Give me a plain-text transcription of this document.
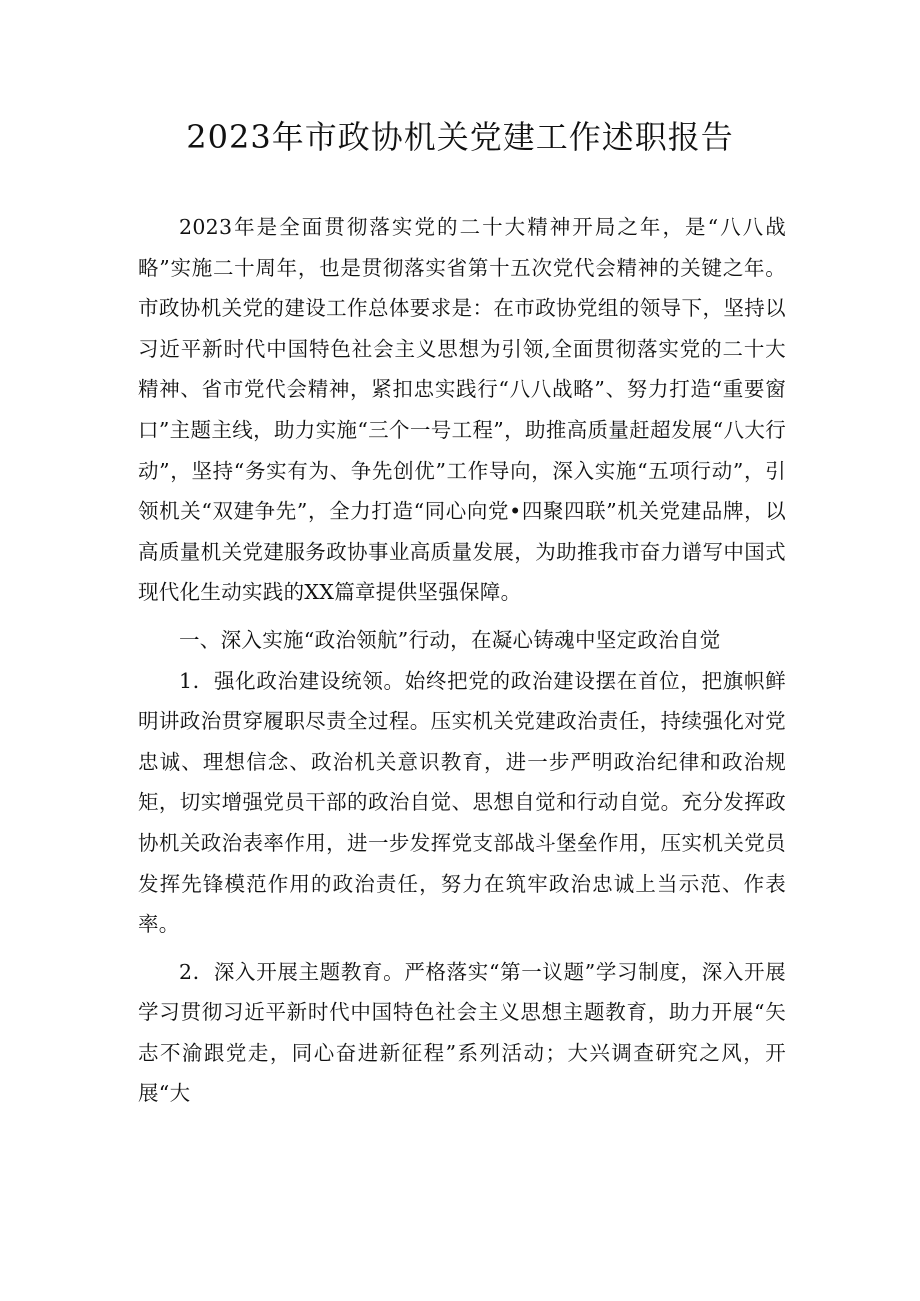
2023年市政协机关党建工作述职报告

2023年是全面贯彻落实党的二十大精神开局之年，是“八八战略”实施二十周年，也是贯彻落实省第十五次党代会精神的关键之年。市政协机关党的建设工作总体要求是：在市政协党组的领导下，坚持以习近平新时代中国特色社会主义思想为引领,全面贯彻落实党的二十大精神、省市党代会精神，紧扣忠实践行“八八战略”、努力打造“重要窗口”主题主线，助力实施“三个一号工程”，助推高质量赶超发展“八大行动”，坚持“务实有为、争先创优”工作导向，深入实施“五项行动”，引领机关“双建争先”，全力打造“同心向党•四聚四联”机关党建品牌，以高质量机关党建服务政协事业高质量发展，为助推我市奋力谱写中国式现代化生动实践的XX篇章提供坚强保障。

一、深入实施“政治领航”行动，在凝心铸魂中坚定政治自觉

1．强化政治建设统领。始终把党的政治建设摆在首位，把旗帜鲜明讲政治贯穿履职尽责全过程。压实机关党建政治责任，持续强化对党忠诚、理想信念、政治机关意识教育，进一步严明政治纪律和政治规矩，切实增强党员干部的政治自觉、思想自觉和行动自觉。充分发挥政协机关政治表率作用，进一步发挥党支部战斗堡垒作用，压实机关党员发挥先锋模范作用的政治责任，努力在筑牢政治忠诚上当示范、作表率。

2．深入开展主题教育。严格落实“第一议题”学习制度，深入开展学习贯彻习近平新时代中国特色社会主义思想主题教育，助力开展“矢志不渝跟党走，同心奋进新征程”系列活动；大兴调查研究之风，开展“大
